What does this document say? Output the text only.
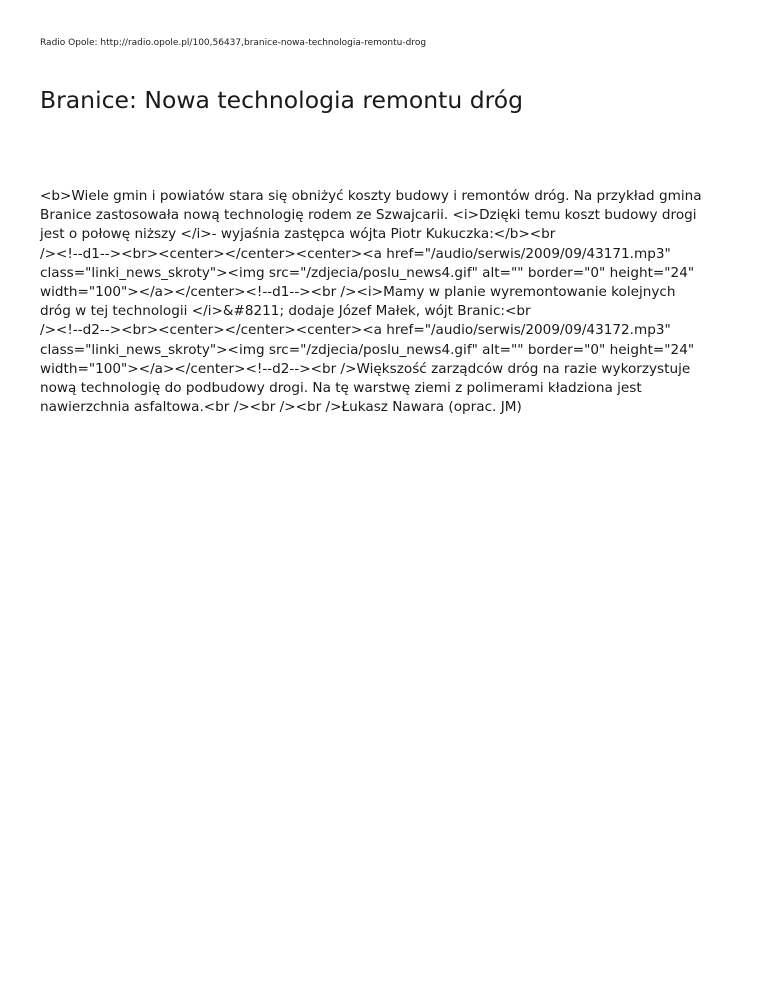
Radio Opole: http://radio.opole.pl/100,56437,branice-nowa-technologia-remontu-drog
Branice: Nowa technologia remontu dróg
<b>Wiele gmin i powiatów stara się obniżyć koszty budowy i remontów dróg. Na przykład gmina
Branice zastosowała nową technologię rodem ze Szwajcarii. <i>Dzięki temu koszt budowy drogi
jest o połowę niższy </i>- wyjaśnia zastępca wójta Piotr Kukuczka:</b><br
/><!--d1--><br><center></center><center><a href="/audio/serwis/2009/09/43171.mp3"
class="linki_news_skroty"><img src="/zdjecia/poslu_news4.gif" alt="" border="0" height="24"
width="100"></a></center><!--d1--><br /><i>Mamy w planie wyremontowanie kolejnych
dróg w tej technologii </i>&#8211; dodaje Józef Małek, wójt Branic:<br
/><!--d2--><br><center></center><center><a href="/audio/serwis/2009/09/43172.mp3"
class="linki_news_skroty"><img src="/zdjecia/poslu_news4.gif" alt="" border="0" height="24"
width="100"></a></center><!--d2--><br />Większość zarządców dróg na razie wykorzystuje
nową technologię do podbudowy drogi. Na tę warstwę ziemi z polimerami kładziona jest
nawierzchnia asfaltowa.<br /><br /><br />Łukasz Nawara (oprac. JM)
